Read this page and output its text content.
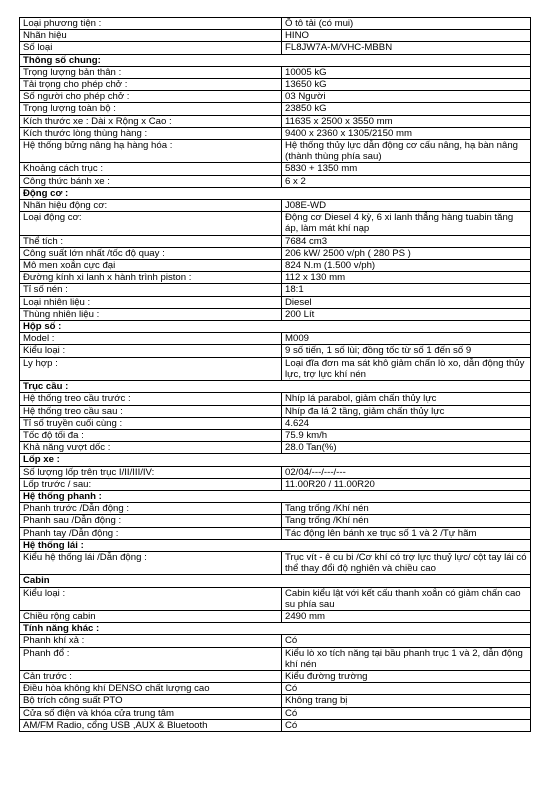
Loại phương tiện :	Ô tô tải (có mui)
Nhãn hiệu	HINO
Số loại	FL8JW7A-M/VHC-MBBN
Thông số chung:	
Trọng lượng bản thân :	10005 kG
Tải trọng cho phép chở :	13650 kG
Số người cho phép chở :	03 Người
Trọng lượng toàn bộ :	23850 kG
Kích thước xe : Dài x Rộng x Cao :	11635 x 2500 x 3550 mm
Kích thước lòng thùng hàng :	9400 x 2360 x 1305/2150 mm
Hệ thống bửng nâng hạ hàng hóa :	Hệ thống thủy lực dẫn động cơ cấu nâng, hạ bàn nâng (thành thùng phía sau)
Khoảng cách trục :	5830 + 1350 mm
Công thức bánh xe :	6 x 2
Động cơ :	
Nhãn hiệu động cơ:	J08E-WD
Loại động cơ:	Động cơ Diesel 4 kỳ, 6 xi lanh thẳng hàng tuabin tăng áp, làm mát khí nạp
Thể tích :	7684 cm3
Công suất lớn nhất /tốc độ quay :	206 kW/ 2500 v/ph ( 280 PS )
Mô men xoắn cực đại	824 N.m (1.500 v/ph)
Đường kính xi lanh x hành trình piston :	112 x 130 mm
Tỉ số nén :	18:1
Loại nhiên liệu :	Diesel
Thùng nhiên liệu :	200 Lít
Hộp số :	
Model :	M009
Kiểu loại :	9 số tiến, 1 số lùi; đồng tốc từ số 1 đến số 9
Ly hợp :	Loại đĩa đơn ma sát khô giảm chấn lò xo, dẫn động thủy lực, trợ lực khí nén
Trục cầu :	
Hệ thống treo cầu trước :	Nhíp lá parabol, giảm chấn thủy lực
Hệ thống treo cầu sau :	Nhíp đa lá 2 tầng, giảm chấn thủy lực
Tỉ số truyền cuối cùng :	4.624
Tốc độ tối đa :	75.9 km/h
Khả năng vượt dốc :	28.0 Tan(%)
Lốp xe :	
Số lượng lốp trên trục I/II/III/IV:	02/04/---/---/---
Lốp trước / sau:	11.00R20 / 11.00R20
Hệ thống phanh :	
Phanh trước /Dẫn động :	Tang trống /Khí nén
Phanh sau /Dẫn động :	Tang trống /Khí nén
Phanh tay /Dẫn động :	Tác động lên bánh xe trục số 1 và 2 /Tự hãm
Hệ thống lái :	
Kiểu hệ thống lái /Dẫn động :	Trục vít - ê cu bi /Cơ khí có trợ lực thuỷ lực/ cột tay lái có thể thay đổi độ nghiên và chiều cao
Cabin	
Kiểu loại :	Cabin kiểu lật với kết cấu thanh xoắn có giảm chấn cao su phía sau
Chiều rộng cabin	2490 mm
Tính năng khác :	
Phanh khí xả :	Có
Phanh đổ :	Kiểu lò xo tích năng tại bầu phanh trục 1 và 2, dẫn động khí nén
Cản trước :	Kiểu đường trường
Điều hòa không khí DENSO chất lượng cao	Có
Bộ trích công suất PTO	Không trang bị
Cửa số điện và khóa cửa trung tâm	Có
AM/FM Radio, cổng USB ,AUX & Bluetooth	Có
